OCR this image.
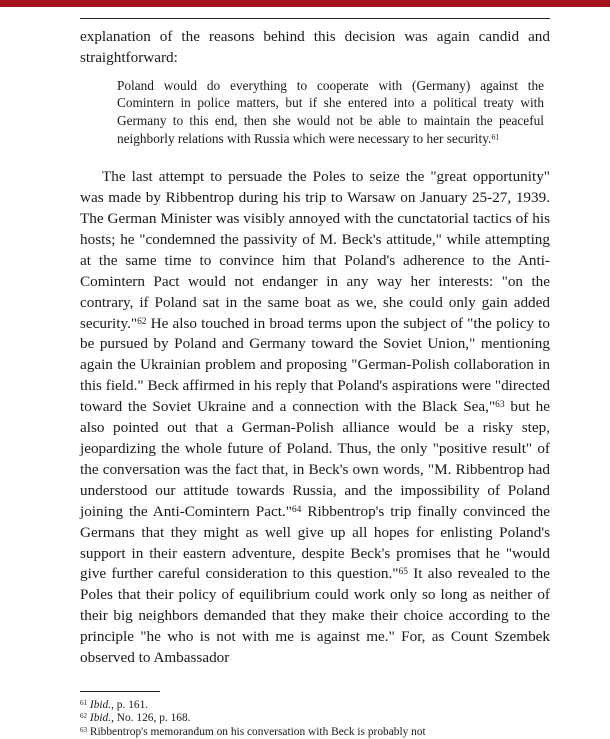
explanation of the reasons behind this decision was again candid and straightforward:

Poland would do everything to cooperate with (Germany) against the Comintern in police matters, but if she entered into a political treaty with Germany to this end, then she would not be able to maintain the peaceful neighborly relations with Russia which were necessary to her security.$^{61}$

The last attempt to persuade the Poles to seize the "great opportunity" was made by Ribbentrop during his trip to Warsaw on January 25-27, 1939. The German Minister was visibly annoyed with the cunctatorial tactics of his hosts; he "condemned the passivity of M. Beck's attitude," while attempting at the same time to convince him that Poland's adherence to the Anti-Comintern Pact would not endanger in any way her interests: "on the contrary, if Poland sat in the same boat as we, she could only gain added security."$^{62}$ He also touched in broad terms upon the subject of "the policy to be pursued by Poland and Germany toward the Soviet Union," mentioning again the Ukrainian problem and proposing "German-Polish collaboration in this field." Beck affirmed in his reply that Poland's aspirations were "directed toward the Soviet Ukraine and a connection with the Black Sea,"$^{63}$ but he also pointed out that a German-Polish alliance would be a risky step, jeopardizing the whole future of Poland. Thus, the only "positive result" of the conversation was the fact that, in Beck's own words, "M. Ribbentrop had understood our attitude towards Russia, and the impossibility of Poland joining the Anti-Comintern Pact."$^{64}$ Ribbentrop's trip finally convinced the Germans that they might as well give up all hopes for enlisting Poland's support in their eastern adventure, despite Beck's promises that he "would give further careful consideration to this question."$^{65}$ It also revealed to the Poles that their policy of equilibrium could work only so long as neither of their big neighbors demanded that they make their choice according to the principle "he who is not with me is against me." For, as Count Szembek observed to Ambassador

$^{61}$ Ibid., p. 161.
$^{62}$ Ibid., No. 126, p. 168.
$^{63}$ Ribbentrop's memorandum on his conversation with Beck is probably not
